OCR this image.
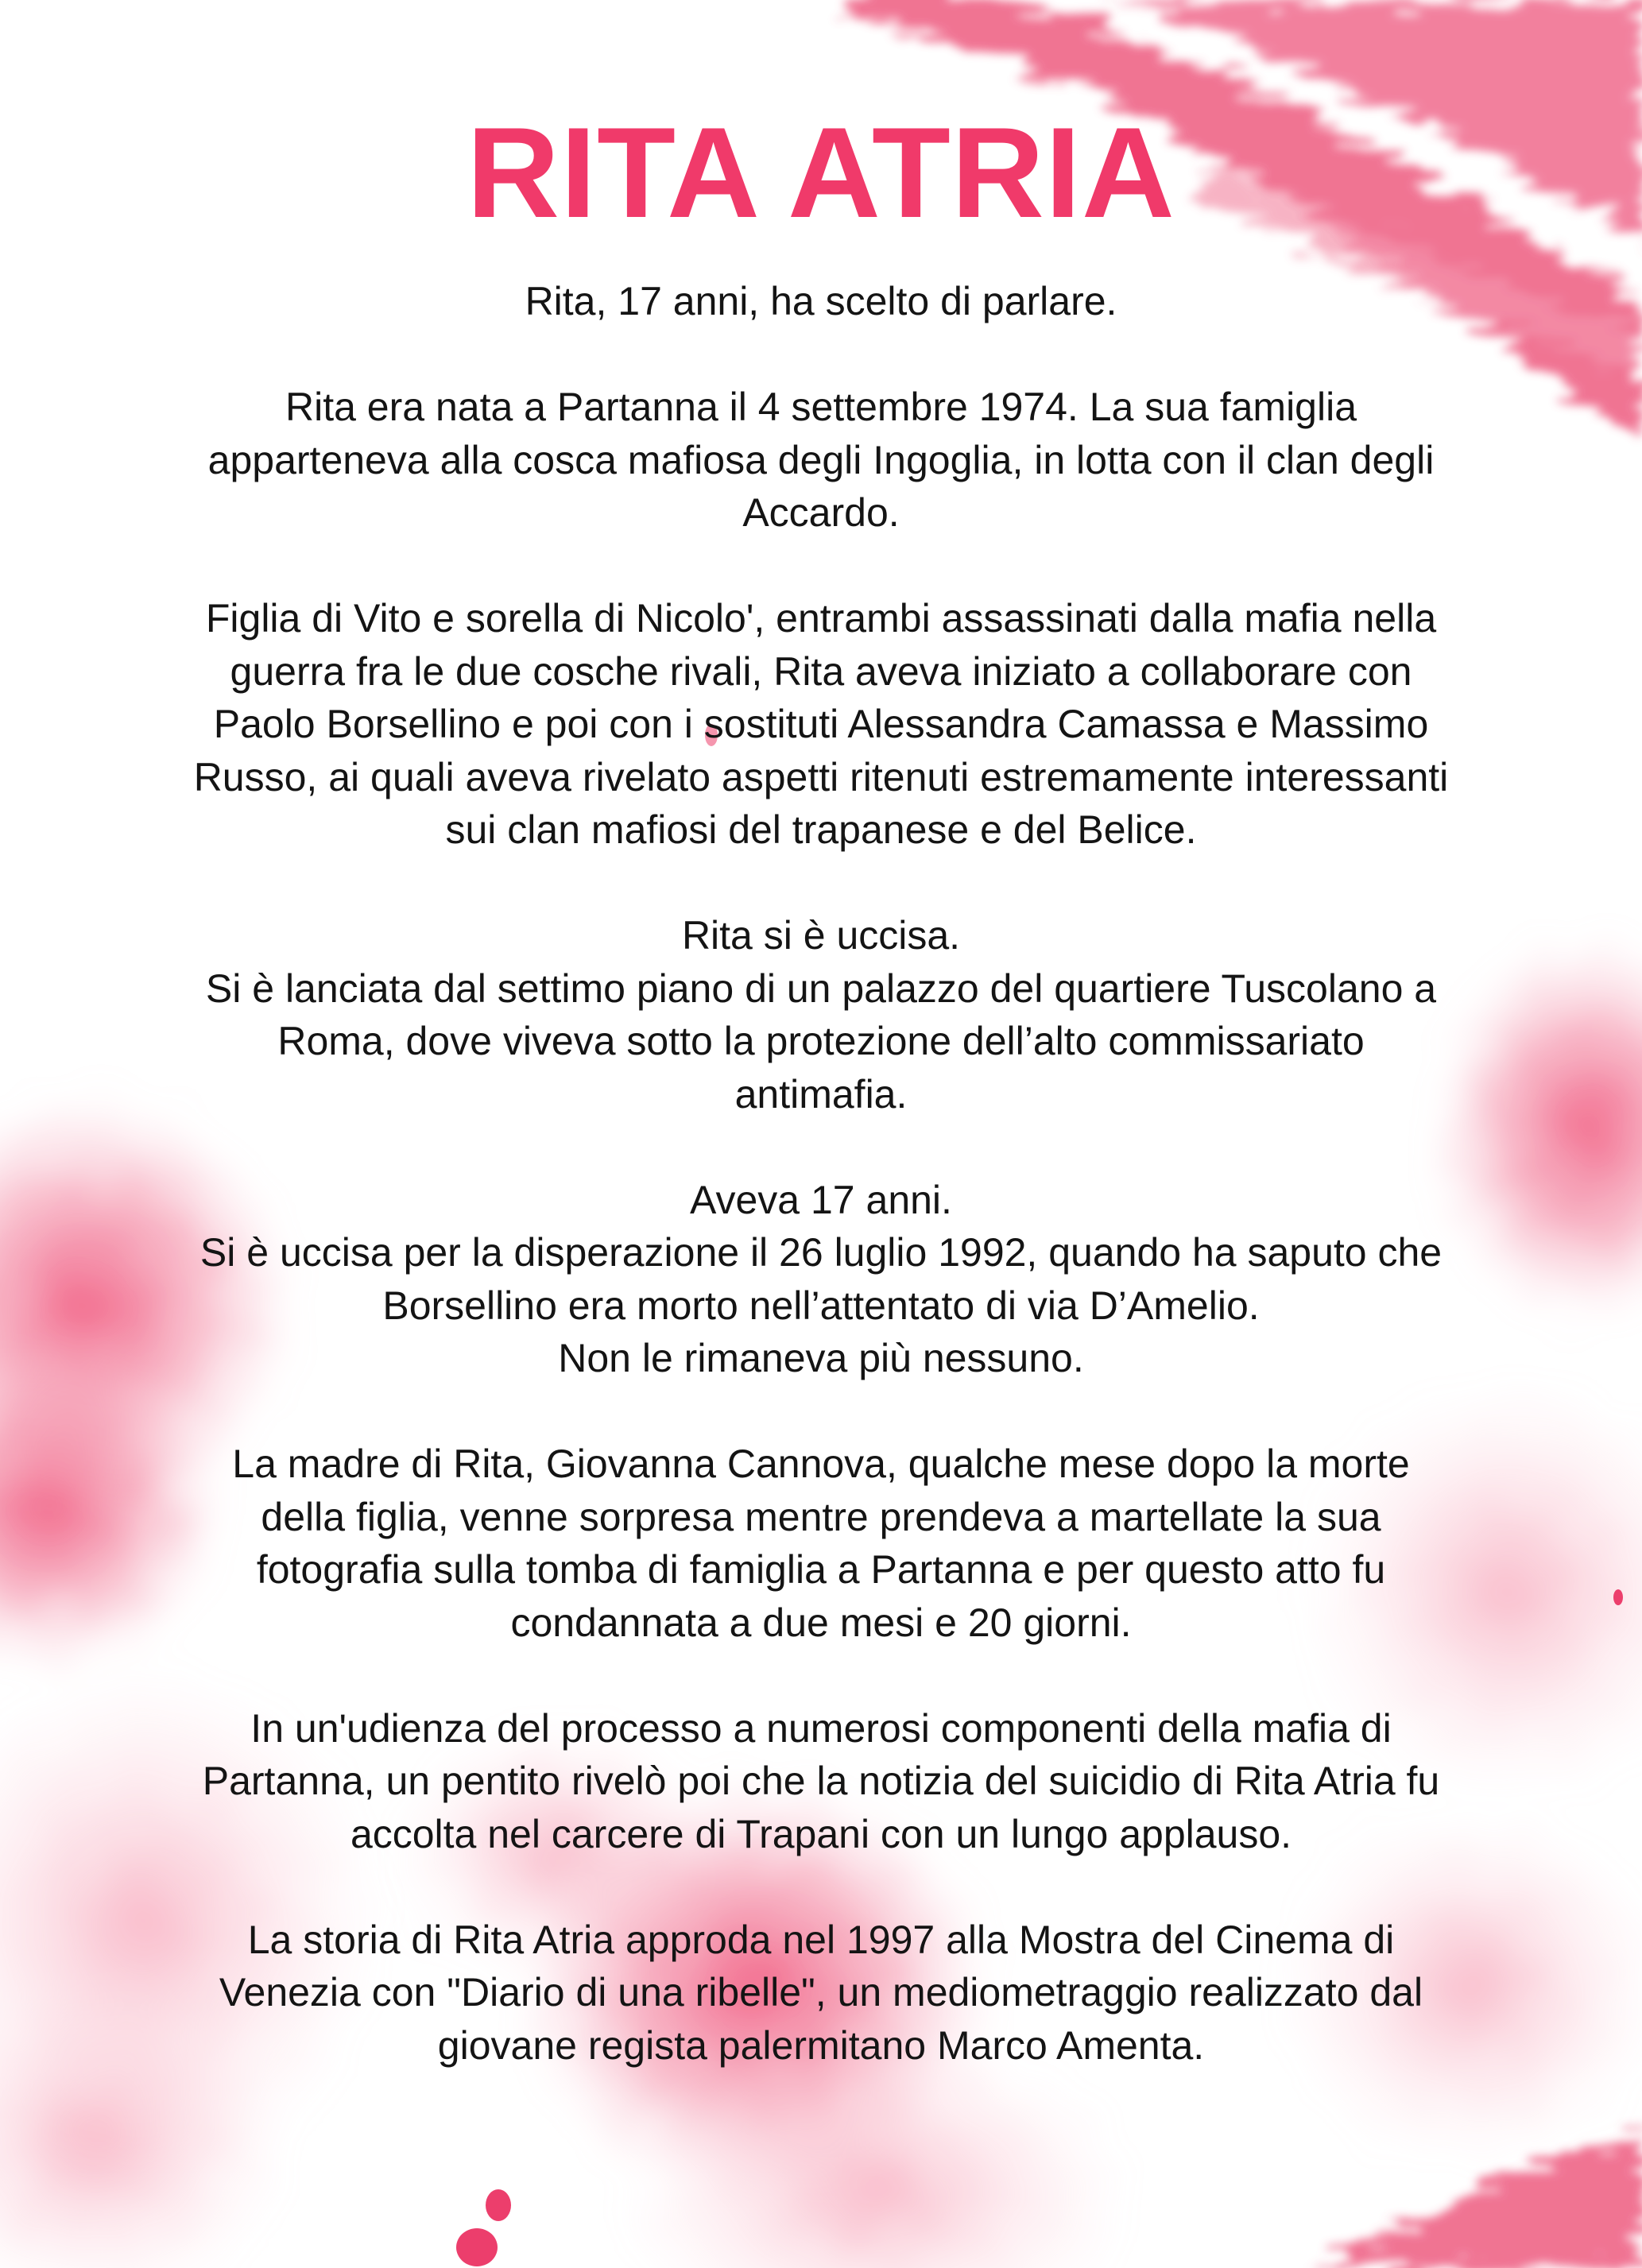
RITA ATRIA

Rita, 17 anni, ha scelto di parlare.

Rita era nata a Partanna il 4 settembre 1974. La sua famiglia
apparteneva alla cosca mafiosa degli Ingoglia, in lotta con il clan degli
Accardo.

Figlia di Vito e sorella di Nicolo', entrambi assassinati dalla mafia nella
guerra fra le due cosche rivali, Rita aveva iniziato a collaborare con
Paolo Borsellino e poi con i sostituti Alessandra Camassa e Massimo
Russo, ai quali aveva rivelato aspetti ritenuti estremamente interessanti
sui clan mafiosi del trapanese e del Belice.

Rita si è uccisa.
Si è lanciata dal settimo piano di un palazzo del quartiere Tuscolano a
Roma, dove viveva sotto la protezione dell’alto commissariato
antimafia.

Aveva 17 anni.
Si è uccisa per la disperazione il 26 luglio 1992, quando ha saputo che
Borsellino era morto nell’attentato di via D’Amelio.
Non le rimaneva più nessuno.

La madre di Rita, Giovanna Cannova, qualche mese dopo la morte
della figlia, venne sorpresa mentre prendeva a martellate la sua
fotografia sulla tomba di famiglia a Partanna e per questo atto fu
condannata a due mesi e 20 giorni.

In un'udienza del processo a numerosi componenti della mafia di
Partanna, un pentito rivelò poi che la notizia del suicidio di Rita Atria fu
accolta nel carcere di Trapani con un lungo applauso.

La storia di Rita Atria approda nel 1997 alla Mostra del Cinema di
Venezia con "Diario di una ribelle", un mediometraggio realizzato dal
giovane regista palermitano Marco Amenta.
